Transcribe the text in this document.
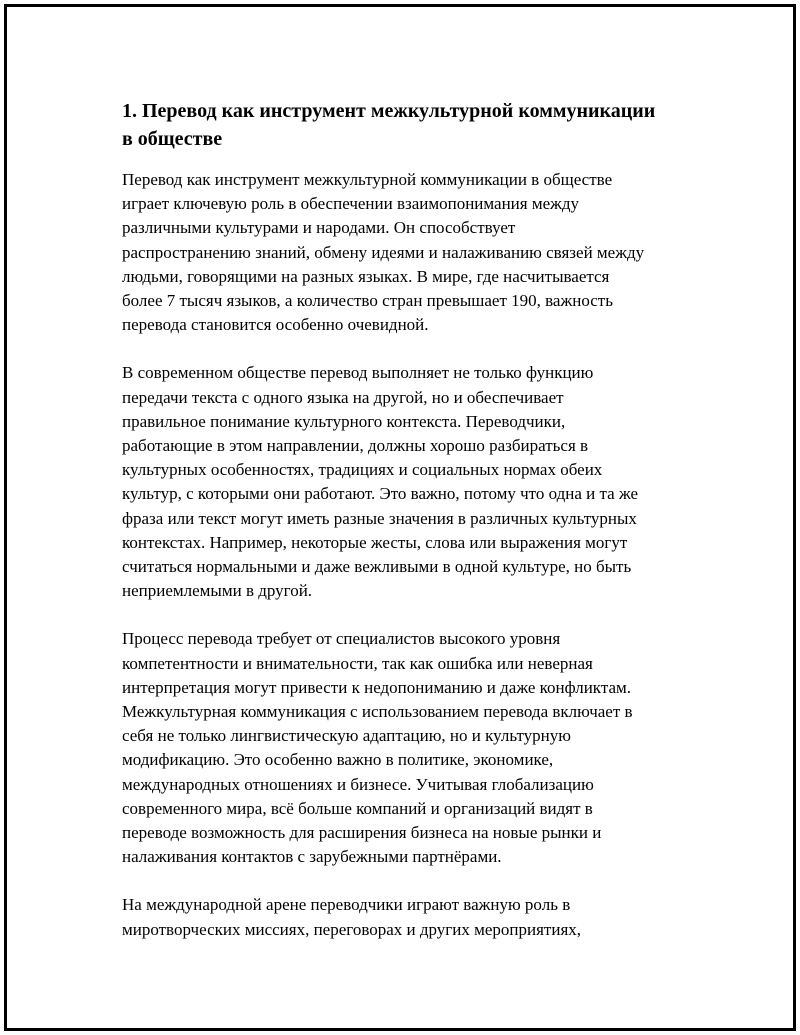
1. Перевод как инструмент межкультурной коммуникации
в обществе

Перевод как инструмент межкультурной коммуникации в обществе
играет ключевую роль в обеспечении взаимопонимания между
различными культурами и народами. Он способствует
распространению знаний, обмену идеями и налаживанию связей между
людьми, говорящими на разных языках. В мире, где насчитывается
более 7 тысяч языков, а количество стран превышает 190, важность
перевода становится особенно очевидной.

В современном обществе перевод выполняет не только функцию
передачи текста с одного языка на другой, но и обеспечивает
правильное понимание культурного контекста. Переводчики,
работающие в этом направлении, должны хорошо разбираться в
культурных особенностях, традициях и социальных нормах обеих
культур, с которыми они работают. Это важно, потому что одна и та же
фраза или текст могут иметь разные значения в различных культурных
контекстах. Например, некоторые жесты, слова или выражения могут
считаться нормальными и даже вежливыми в одной культуре, но быть
неприемлемыми в другой.

Процесс перевода требует от специалистов высокого уровня
компетентности и внимательности, так как ошибка или неверная
интерпретация могут привести к недопониманию и даже конфликтам.
Межкультурная коммуникация с использованием перевода включает в
себя не только лингвистическую адаптацию, но и культурную
модификацию. Это особенно важно в политике, экономике,
международных отношениях и бизнесе. Учитывая глобализацию
современного мира, всё больше компаний и организаций видят в
переводе возможность для расширения бизнеса на новые рынки и
налаживания контактов с зарубежными партнёрами.

На международной арене переводчики играют важную роль в
миротворческих миссиях, переговорах и других мероприятиях,
